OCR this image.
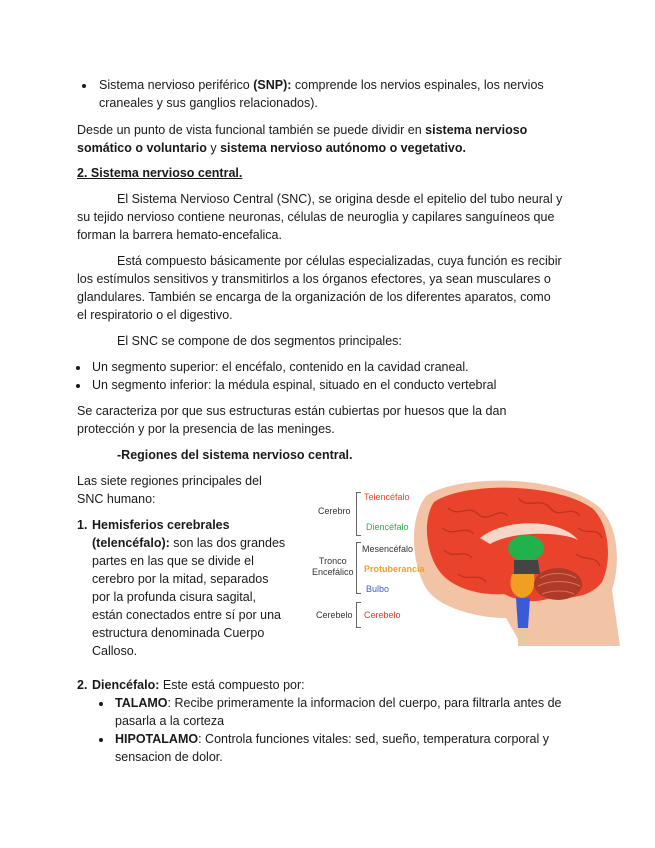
Sistema nervioso periférico (SNP): comprende los nervios espinales, los nervios
craneales y sus ganglios relacionados).
Desde un punto de vista funcional también se puede dividir en sistema nervioso
somático o voluntario y sistema nervioso autónomo o vegetativo.
2. Sistema nervioso central.
El Sistema Nervioso Central (SNC), se origina desde el epitelio del tubo neural y
su tejido nervioso contiene neuronas, células de neuroglia y capilares sanguíneos que
forman la barrera hemato-encefalica.
Está compuesto básicamente por células especializadas, cuya función es recibir
los estímulos sensitivos y transmitirlos a los órganos efectores, ya sean musculares o
glandulares. También se encarga de la organización de los diferentes aparatos, como
el respiratorio o el digestivo.
El SNC se compone de dos segmentos principales:
Un segmento superior: el encéfalo, contenido en la cavidad craneal.
Un segmento inferior: la médula espinal, situado en el conducto vertebral
Se caracteriza por que sus estructuras están cubiertas por huesos que la dan
protección y por la presencia de las meninges.
-Regiones del sistema nervioso central.
Las siete regiones principales del
SNC humano:
1. Hemisferios cerebrales
(telencéfalo): son las dos grandes
partes en las que se divide el
cerebro por la mitad, separados
por la profunda cisura sagital,
están conectados entre sí por una
estructura denominada Cuerpo
Calloso.
Cerebro
Telencéfalo
Diencéfalo
Tronco
Encefálico
Mesencéfalo
Protuberancia
Bulbo
Cerebelo Cerebelo
2. Diencéfalo: Este está compuesto por:
TALAMO: Recibe primeramente la informacion del cuerpo, para filtrarla antes de
pasarla a la corteza
HIPOTALAMO: Controla funciones vitales: sed, sueño, temperatura corporal y
sensacion de dolor.
